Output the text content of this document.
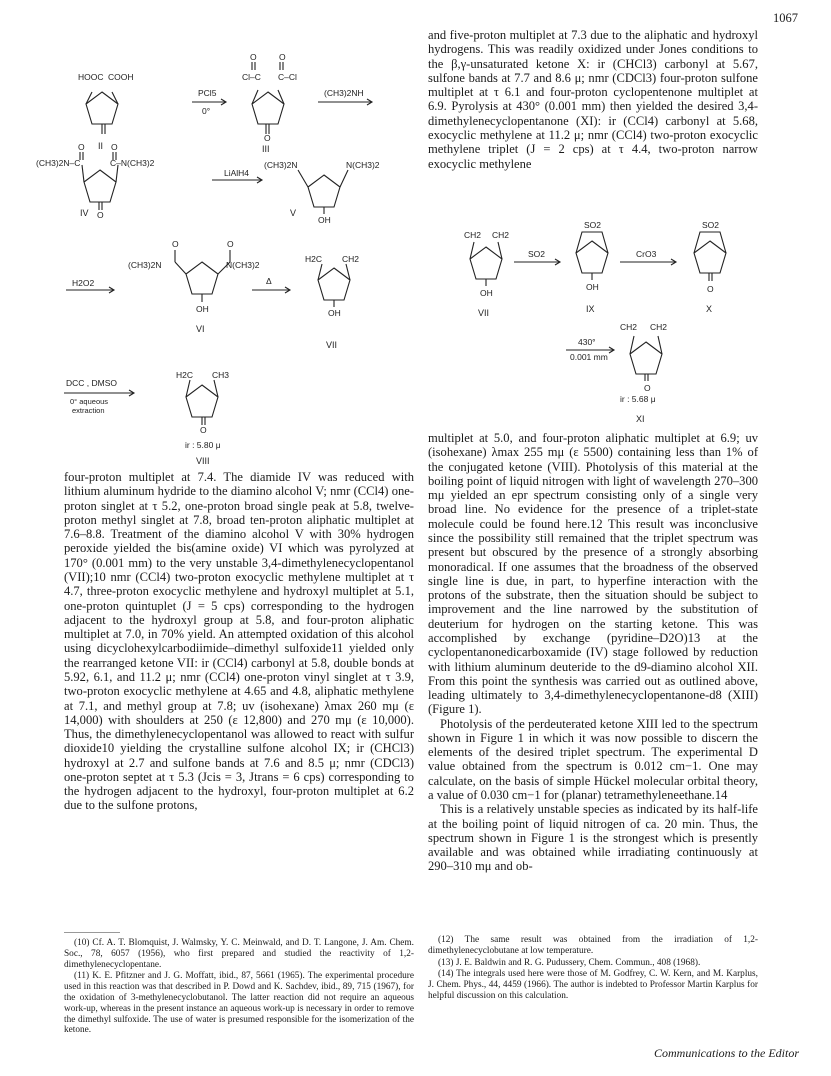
1067
HOOC COOH
II
PCl5
0°
Cl–C C–Cl
O	O
O
III
(CH3)2NH
(CH3)2N–C	C–N(CH3)2
O	O
O
IV
LiAlH4
(CH3)2N	N(CH3)2
OH
V
O	O
(CH3)2N	N(CH3)2
OH
VI
H2O2	Δ
H2C CH2
OH
VII
DCC , DMSO
0° aqueous
extraction
H2C CH3
O
ir : 5.80 μ
VIII
CH2 CH2
OH
VII
SO2
SO2
OH
IX
CrO3
SO2
O
X
430°
0.001 mm
CH2 CH2
O
ir : 5.68 μ
XI

and five-proton multiplet at 7.3 due to the aliphatic and hydroxyl hydrogens. This was readily oxidized under Jones conditions to the β,γ-unsaturated ketone X: ir (CHCl3) carbonyl at 5.67, sulfone bands at 7.7 and 8.6 μ; nmr (CDCl3) four-proton sulfone multiplet at τ 6.1 and four-proton cyclopentenone multiplet at 6.9. Pyrolysis at 430° (0.001 mm) then yielded the desired 3,4-dimethylenecyclopentanone (XI): ir (CCl4) carbonyl at 5.68, exocyclic methylene at 11.2 μ; nmr (CCl4) two-proton exocyclic methylene triplet (J = 2 cps) at τ 4.4, two-proton narrow exocyclic methylene

four-proton multiplet at 7.4. The diamide IV was reduced with lithium aluminum hydride to the diamino alcohol V; nmr (CCl4) one-proton singlet at τ 5.2, one-proton broad single peak at 5.8, twelve-proton methyl singlet at 7.8, broad ten-proton aliphatic multiplet at 7.6–8.8. Treatment of the diamino alcohol V with 30% hydrogen peroxide yielded the bis(amine oxide) VI which was pyrolyzed at 170° (0.001 mm) to the very unstable 3,4-dimethylenecyclopentanol (VII);10 nmr (CCl4) two-proton exocyclic methylene multiplet at τ 4.7, three-proton exocyclic methylene and hydroxyl multiplet at 5.1, one-proton quintuplet (J = 5 cps) corresponding to the hydrogen adjacent to the hydroxyl group at 5.8, and four-proton aliphatic multiplet at 7.0, in 70% yield. An attempted oxidation of this alcohol using dicyclohexylcarbodiimide–dimethyl sulfoxide11 yielded only the rearranged ketone VII: ir (CCl4) carbonyl at 5.8, double bonds at 5.92, 6.1, and 11.2 μ; nmr (CCl4) one-proton vinyl singlet at τ 3.9, two-proton exocyclic methylene at 4.65 and 4.8, aliphatic methylene at 7.1, and methyl group at 7.8; uv (isohexane) λmax 260 mμ (ε 14,000) with shoulders at 250 (ε 12,800) and 270 mμ (ε 10,000). Thus, the dimethylenecyclopentanol was allowed to react with sulfur dioxide10 yielding the crystalline sulfone alcohol IX; ir (CHCl3) hydroxyl at 2.7 and sulfone bands at 7.6 and 8.5 μ; nmr (CDCl3) one-proton septet at τ 5.3 (Jcis = 3, Jtrans = 6 cps) corresponding to the hydrogen adjacent to the hydroxyl, four-proton multiplet at 6.2 due to the sulfone protons,

multiplet at 5.0, and four-proton aliphatic multiplet at 6.9; uv (isohexane) λmax 255 mμ (ε 5500) containing less than 1% of the conjugated ketone (VIII). Photolysis of this material at the boiling point of liquid nitrogen with light of wavelength 270–300 mμ yielded an epr spectrum consisting only of a single very broad line. No evidence for the presence of a triplet-state molecule could be found here.12 This result was inconclusive since the possibility still remained that the triplet spectrum was present but obscured by the presence of a strongly absorbing monoradical. If one assumes that the broadness of the observed single line is due, in part, to hyperfine interaction with the protons of the substrate, then the situation should be subject to improvement and the line narrowed by the substitution of deuterium for hydrogen on the starting ketone. This was accomplished by exchange (pyridine–D2O)13 at the cyclopentanonedicarboxamide (IV) stage followed by reduction with lithium aluminum deuteride to the d9-diamino alcohol XII. From this point the synthesis was carried out as outlined above, leading ultimately to 3,4-dimethylenecyclopentanone-d8 (XIII) (Figure 1).

Photolysis of the perdeuterated ketone XIII led to the spectrum shown in Figure 1 in which it was now possible to discern the elements of the desired triplet spectrum. The experimental D value obtained from the spectrum is 0.012 cm−1. One may calculate, on the basis of simple Hückel molecular orbital theory, a value of 0.030 cm−1 for (planar) tetramethyleneethane.14

This is a relatively unstable species as indicated by its half-life at the boiling point of liquid nitrogen of ca. 20 min. Thus, the spectrum shown in Figure 1 is the strongest which is presently available and was obtained while irradiating continuously at 290–310 mμ and ob-

(10) Cf. A. T. Blomquist, J. Walmsky, Y. C. Meinwald, and D. T. Langone, J. Am. Chem. Soc., 78, 6057 (1956), who first prepared and studied the reactivity of 1,2-dimethylenecyclopentane.

(11) K. E. Pfitzner and J. G. Moffatt, ibid., 87, 5661 (1965). The experimental procedure used in this reaction was that described in P. Dowd and K. Sachdev, ibid., 89, 715 (1967), for the oxidation of 3-methylenecyclobutanol. The latter reaction did not require an aqueous work-up, whereas in the present instance an aqueous work-up is necessary in order to remove the dimethyl sulfoxide. The use of water is presumed responsible for the isomerization of the ketone.

(12) The same result was obtained from the irradiation of 1,2-dimethylenecyclobutane at low temperature.

(13) J. E. Baldwin and R. G. Pudussery, Chem. Commun., 408 (1968).

(14) The integrals used here were those of M. Godfrey, C. W. Kern, and M. Karplus, J. Chem. Phys., 44, 4459 (1966). The author is indebted to Professor Martin Karplus for helpful discussion on this calculation.

Communications to the Editor
